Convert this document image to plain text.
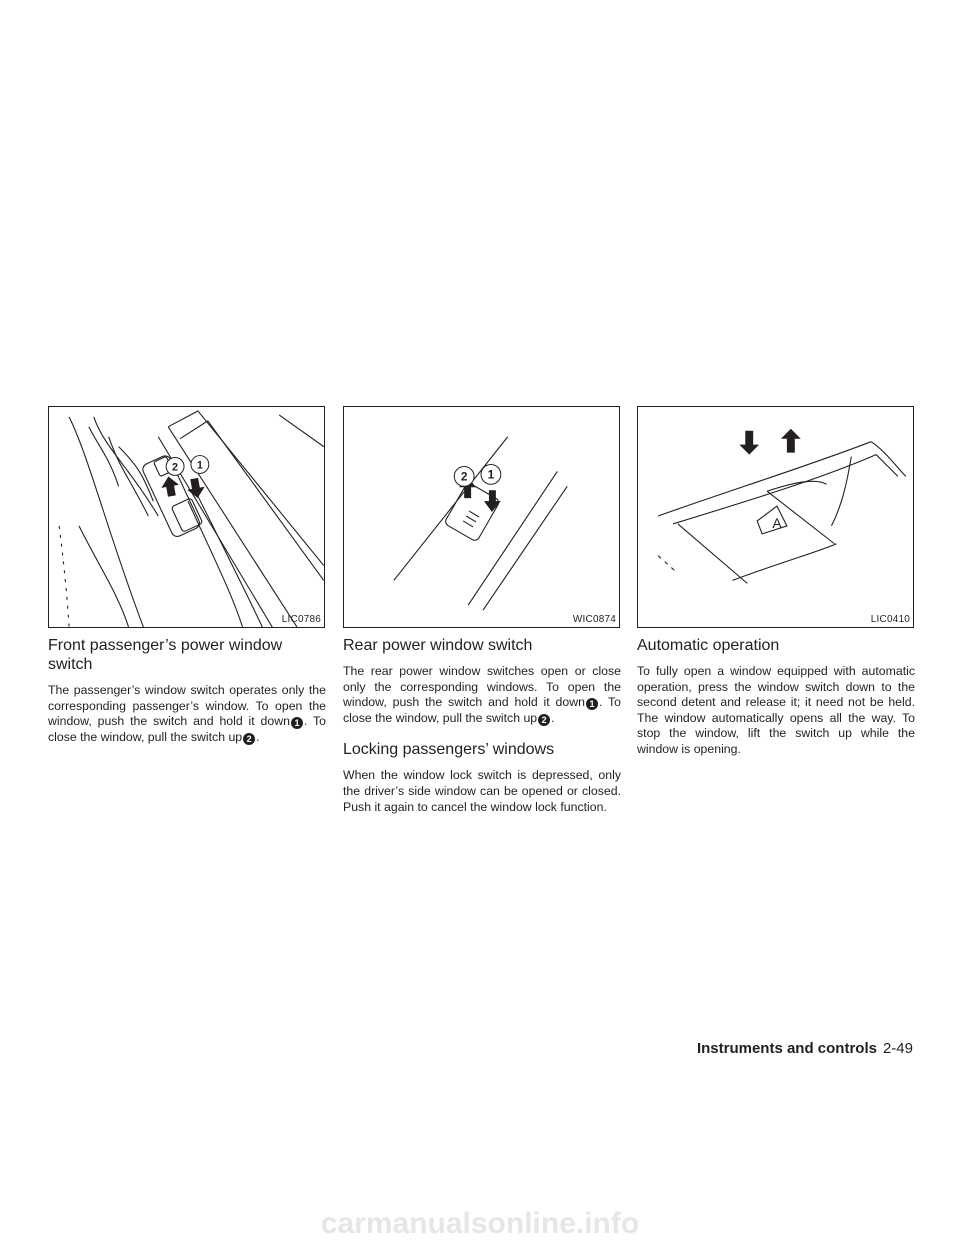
2 1
LIC0786
2 1
WIC0874
A
LIC0410
Front passenger’s power window switch

The passenger’s window switch operates only the corresponding passenger’s window. To open the window, push the switch and hold it down 1 . To close the window, pull the switch up 2 .

Rear power window switch

The rear power window switches open or close only the corresponding windows. To open the window, push the switch and hold it down 1 . To close the window, pull the switch up 2 .

Locking passengers’ windows

When the window lock switch is depressed, only the driver’s side window can be opened or closed. Push it again to cancel the window lock function.

Automatic operation

To fully open a window equipped with automatic operation, press the window switch down to the second detent and release it; it need not be held. The window automatically opens all the way. To stop the window, lift the switch up while the window is opening.

Instruments and controls 2-49
carmanualsonline.info
